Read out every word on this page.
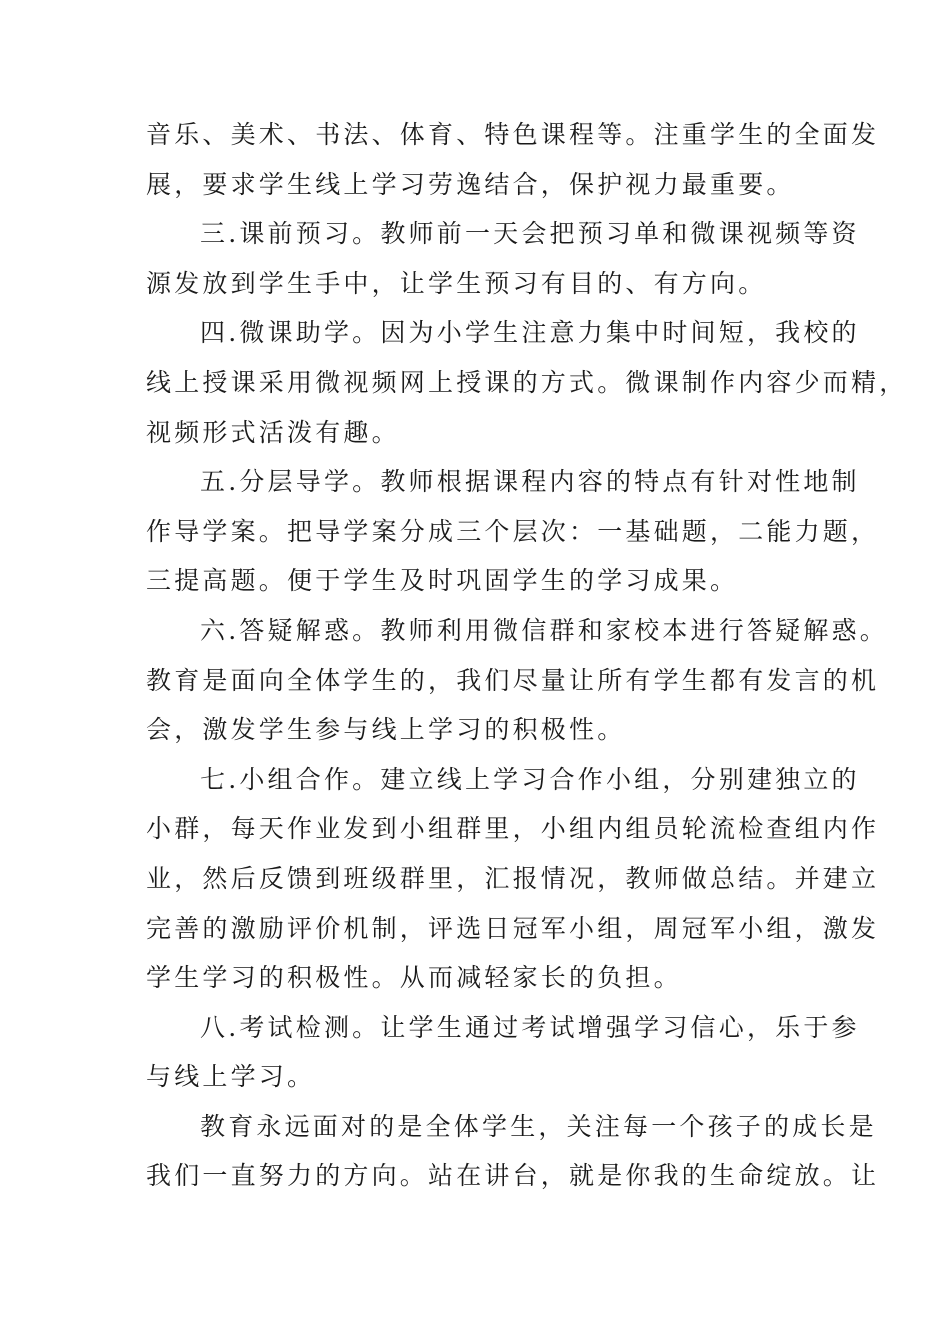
音乐、美术、书法、体育、特色课程等。注重学生的全面发
展，要求学生线上学习劳逸结合，保护视力最重要。
三.课前预习。教师前一天会把预习单和微课视频等资
源发放到学生手中，让学生预习有目的、有方向。
四.微课助学。因为小学生注意力集中时间短，我校的
线上授课采用微视频网上授课的方式。微课制作内容少而精，
视频形式活泼有趣。
五.分层导学。教师根据课程内容的特点有针对性地制
作导学案。把导学案分成三个层次：一基础题，二能力题，
三提高题。便于学生及时巩固学生的学习成果。
六.答疑解惑。教师利用微信群和家校本进行答疑解惑。
教育是面向全体学生的，我们尽量让所有学生都有发言的机
会，激发学生参与线上学习的积极性。
七.小组合作。建立线上学习合作小组，分别建独立的
小群，每天作业发到小组群里，小组内组员轮流检查组内作
业，然后反馈到班级群里，汇报情况，教师做总结。并建立
完善的激励评价机制，评选日冠军小组，周冠军小组，激发
学生学习的积极性。从而减轻家长的负担。
八.考试检测。让学生通过考试增强学习信心，乐于参
与线上学习。
教育永远面对的是全体学生，关注每一个孩子的成长是
我们一直努力的方向。站在讲台，就是你我的生命绽放。让
